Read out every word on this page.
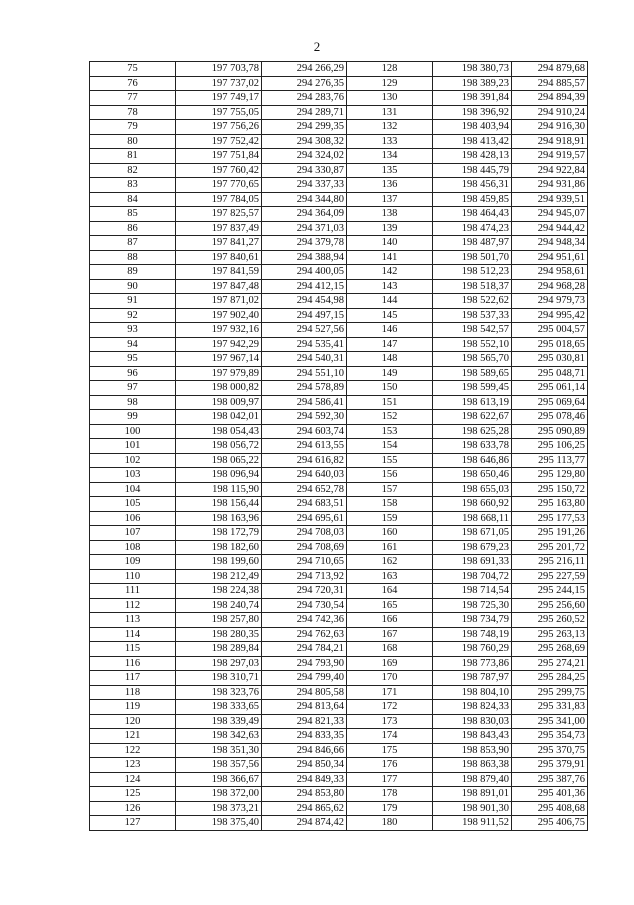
2
75	197 703,78	294 266,29	128	198 380,73	294 879,68
76	197 737,02	294 276,35	129	198 389,23	294 885,57
77	197 749,17	294 283,76	130	198 391,84	294 894,39
78	197 755,05	294 289,71	131	198 396,92	294 910,24
79	197 756,26	294 299,35	132	198 403,94	294 916,30
80	197 752,42	294 308,32	133	198 413,42	294 918,91
81	197 751,84	294 324,02	134	198 428,13	294 919,57
82	197 760,42	294 330,87	135	198 445,79	294 922,84
83	197 770,65	294 337,33	136	198 456,31	294 931,86
84	197 784,05	294 344,80	137	198 459,85	294 939,51
85	197 825,57	294 364,09	138	198 464,43	294 945,07
86	197 837,49	294 371,03	139	198 474,23	294 944,42
87	197 841,27	294 379,78	140	198 487,97	294 948,34
88	197 840,61	294 388,94	141	198 501,70	294 951,61
89	197 841,59	294 400,05	142	198 512,23	294 958,61
90	197 847,48	294 412,15	143	198 518,37	294 968,28
91	197 871,02	294 454,98	144	198 522,62	294 979,73
92	197 902,40	294 497,15	145	198 537,33	294 995,42
93	197 932,16	294 527,56	146	198 542,57	295 004,57
94	197 942,29	294 535,41	147	198 552,10	295 018,65
95	197 967,14	294 540,31	148	198 565,70	295 030,81
96	197 979,89	294 551,10	149	198 589,65	295 048,71
97	198 000,82	294 578,89	150	198 599,45	295 061,14
98	198 009,97	294 586,41	151	198 613,19	295 069,64
99	198 042,01	294 592,30	152	198 622,67	295 078,46
100	198 054,43	294 603,74	153	198 625,28	295 090,89
101	198 056,72	294 613,55	154	198 633,78	295 106,25
102	198 065,22	294 616,82	155	198 646,86	295 113,77
103	198 096,94	294 640,03	156	198 650,46	295 129,80
104	198 115,90	294 652,78	157	198 655,03	295 150,72
105	198 156,44	294 683,51	158	198 660,92	295 163,80
106	198 163,96	294 695,61	159	198 668,11	295 177,53
107	198 172,79	294 708,03	160	198 671,05	295 191,26
108	198 182,60	294 708,69	161	198 679,23	295 201,72
109	198 199,60	294 710,65	162	198 691,33	295 216,11
110	198 212,49	294 713,92	163	198 704,72	295 227,59
111	198 224,38	294 720,31	164	198 714,54	295 244,15
112	198 240,74	294 730,54	165	198 725,30	295 256,60
113	198 257,80	294 742,36	166	198 734,79	295 260,52
114	198 280,35	294 762,63	167	198 748,19	295 263,13
115	198 289,84	294 784,21	168	198 760,29	295 268,69
116	198 297,03	294 793,90	169	198 773,86	295 274,21
117	198 310,71	294 799,40	170	198 787,97	295 284,25
118	198 323,76	294 805,58	171	198 804,10	295 299,75
119	198 333,65	294 813,64	172	198 824,33	295 331,83
120	198 339,49	294 821,33	173	198 830,03	295 341,00
121	198 342,63	294 833,35	174	198 843,43	295 354,73
122	198 351,30	294 846,66	175	198 853,90	295 370,75
123	198 357,56	294 850,34	176	198 863,38	295 379,91
124	198 366,67	294 849,33	177	198 879,40	295 387,76
125	198 372,00	294 853,80	178	198 891,01	295 401,36
126	198 373,21	294 865,62	179	198 901,30	295 408,68
127	198 375,40	294 874,42	180	198 911,52	295 406,75
